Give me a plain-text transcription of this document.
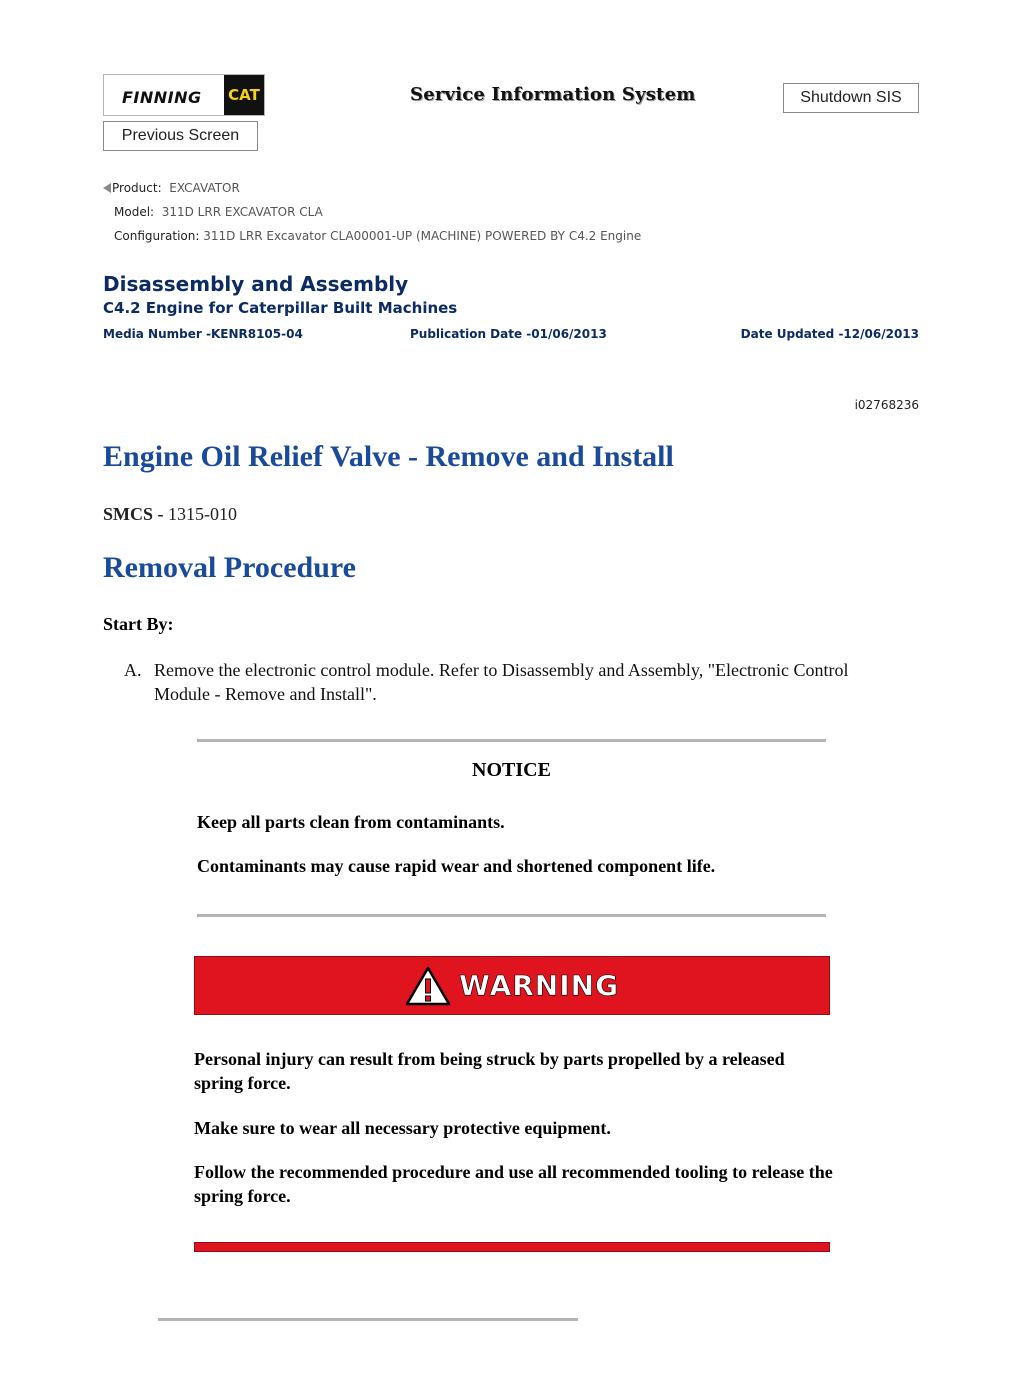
FINNING CAT	Service Information System	Shutdown SIS
Previous Screen
Product: EXCAVATOR
Model: 311D LRR EXCAVATOR CLA
Configuration: 311D LRR Excavator CLA00001-UP (MACHINE) POWERED BY C4.2 Engine
Disassembly and Assembly
C4.2 Engine for Caterpillar Built Machines
Media Number -KENR8105-04	Publication Date -01/06/2013	Date Updated -12/06/2013
i02768236
Engine Oil Relief Valve - Remove and Install
SMCS - 1315-010
Removal Procedure
Start By:
A. Remove the electronic control module. Refer to Disassembly and Assembly, "Electronic Control Module - Remove and Install".
NOTICE
Keep all parts clean from contaminants.
Contaminants may cause rapid wear and shortened component life.
WARNING
Personal injury can result from being struck by parts propelled by a released spring force.
Make sure to wear all necessary protective equipment.
Follow the recommended procedure and use all recommended tooling to release the spring force.
